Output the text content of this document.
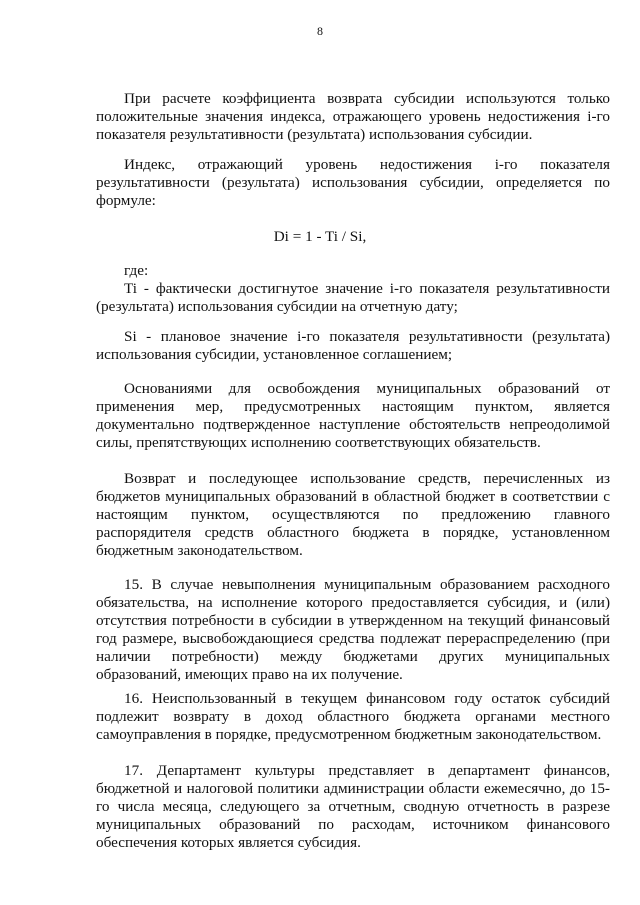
8

При расчете коэффициента возврата субсидии используются только положительные значения индекса, отражающего уровень недостижения i-го показателя результативности (результата) использования субсидии.

Индекс, отражающий уровень недостижения i-го показателя результативности (результата) использования субсидии, определяется по формуле:

Di = 1 - Ti / Si,

где:

Ti - фактически достигнутое значение i-го показателя результативности (результата) использования субсидии на отчетную дату;

Si - плановое значение i-го показателя результативности (результата) использования субсидии, установленное соглашением;

Основаниями для освобождения муниципальных образований от применения мер, предусмотренных настоящим пунктом, является документально подтвержденное наступление обстоятельств непреодолимой силы, препятствующих исполнению соответствующих обязательств.

Возврат и последующее использование средств, перечисленных из бюджетов муниципальных образований в областной бюджет в соответствии с настоящим пунктом, осуществляются по предложению главного распорядителя средств областного бюджета в порядке, установленном бюджетным законодательством.

15. В случае невыполнения муниципальным образованием расходного обязательства, на исполнение которого предоставляется субсидия, и (или) отсутствия потребности в субсидии в утвержденном на текущий финансовый год размере, высвобождающиеся средства подлежат перераспределению (при наличии потребности) между бюджетами других муниципальных образований, имеющих право на их получение.

16. Неиспользованный в текущем финансовом году остаток субсидий подлежит возврату в доход областного бюджета органами местного самоуправления в порядке, предусмотренном бюджетным законодательством.

17. Департамент культуры представляет в департамент финансов, бюджетной и налоговой политики администрации области ежемесячно, до 15-го числа месяца, следующего за отчетным, сводную отчетность в разрезе муниципальных образований по расходам, источником финансового обеспечения которых является субсидия.
